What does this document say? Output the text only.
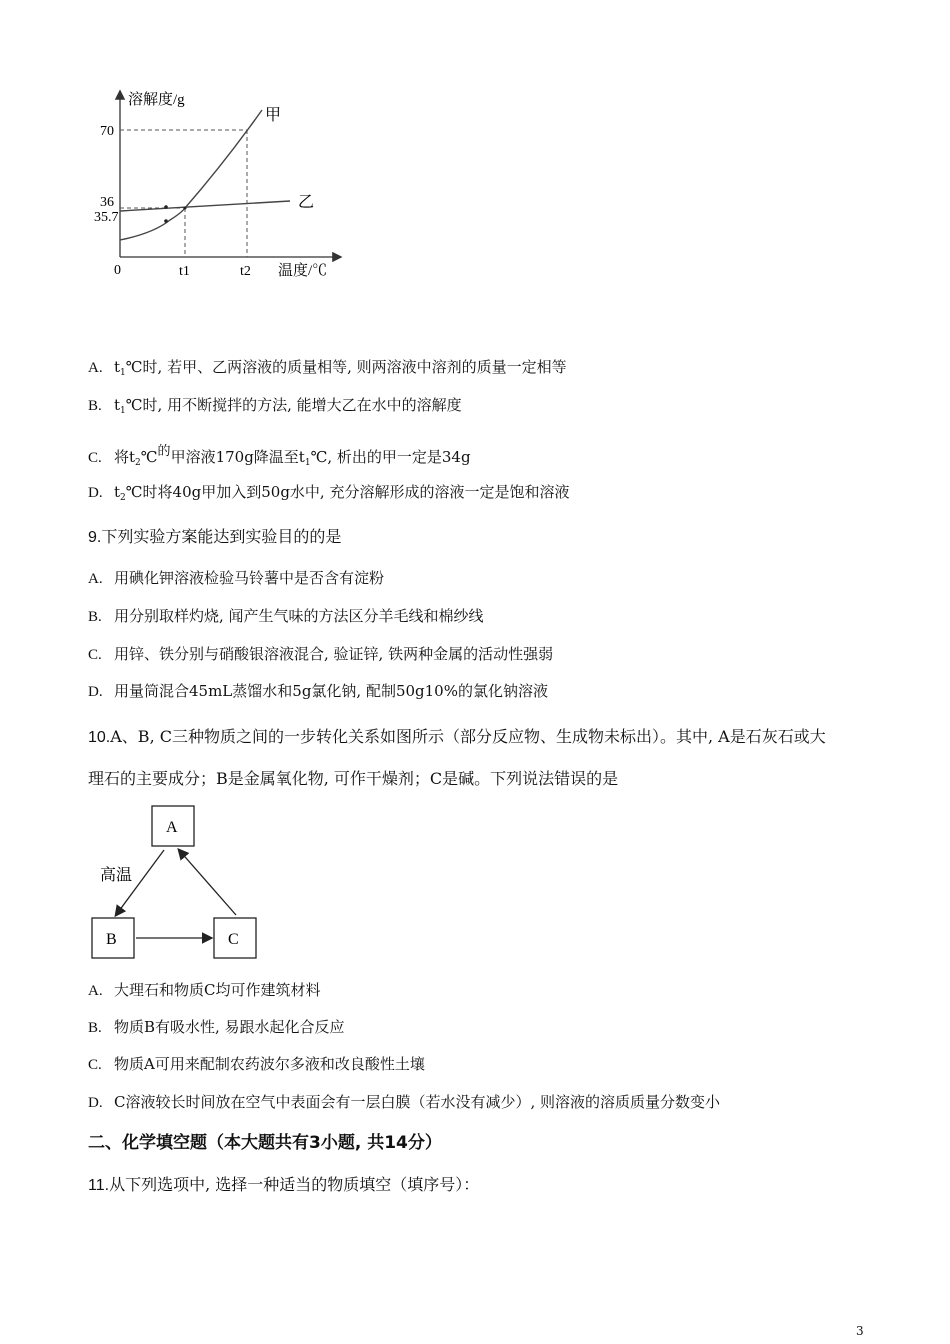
溶解度/g
温度/℃
0
70
36
35.7
t1	t2
甲
乙
A. $t_1℃$时, 若甲、乙两溶液的质量相等, 则两溶液中溶剂的质量一定相等
B. $t_1℃$时, 用不断搅拌的方法, 能增大乙在水中的溶解度
C. 将$t_2℃$的甲溶液170g降温至$t_1℃$, 析出的甲一定是34g
D. $t_2℃$时将40g甲加入到50g水中, 充分溶解形成的溶液一定是饱和溶液
9.下列实验方案能达到实验目的的是
A. 用碘化钾溶液检验马铃薯中是否含有淀粉
B. 用分别取样灼烧, 闻产生气味的方法区分羊毛线和棉纱线
C. 用锌、铁分别与硝酸银溶液混合, 验证锌, 铁两种金属的活动性强弱
D. 用量筒混合45mL蒸馏水和5g氯化钠, 配制50g10%的氯化钠溶液
10.A、B, C三种物质之间的一步转化关系如图所示（部分反应物、生成物未标出）。其中, A是石灰石或大
理石的主要成分；B是金属氧化物, 可作干燥剂；C是碱。下列说法错误的是
A
B	C
高温
A. 大理石和物质C均可作建筑材料
B. 物质B有吸水性, 易跟水起化合反应
C. 物质A可用来配制农药波尔多液和改良酸性土壤
D. C溶液较长时间放在空气中表面会有一层白膜（若水没有减少）, 则溶液的溶质质量分数变小
二、化学填空题（本大题共有3小题, 共14分）
11.从下列选项中, 选择一种适当的物质填空（填序号）：
3
